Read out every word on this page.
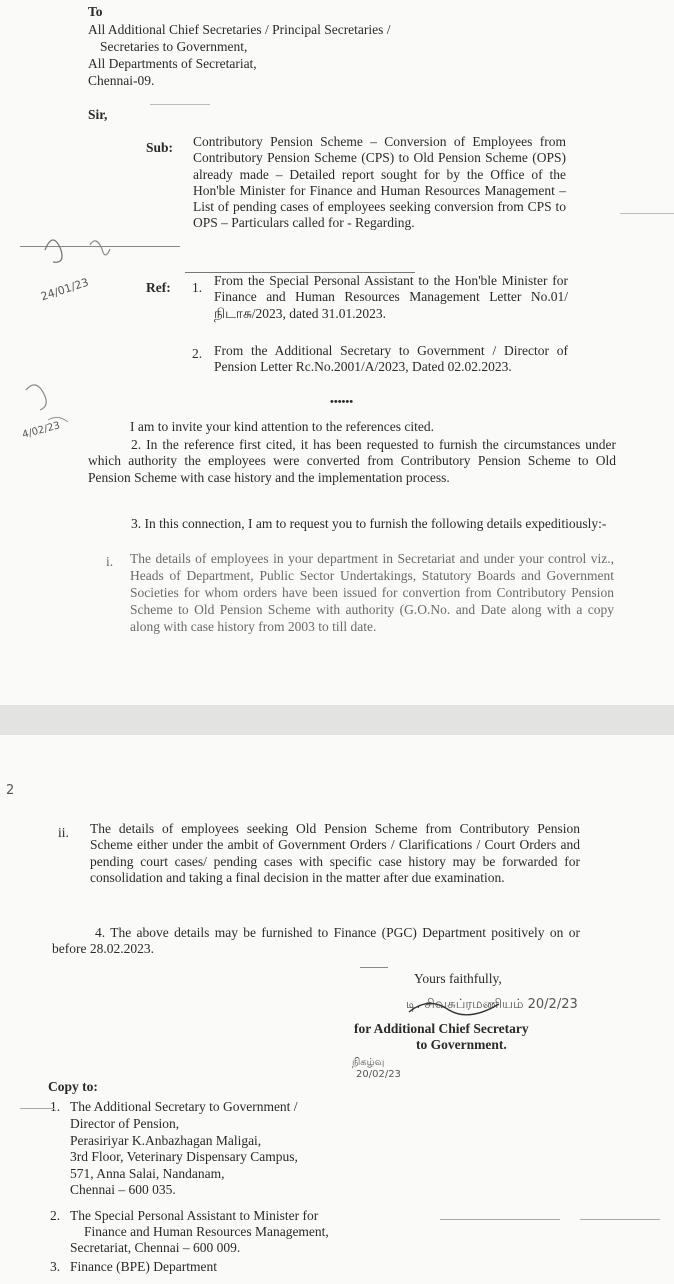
To
All Additional Chief Secretaries / Principal Secretaries /
Secretaries to Government,
All Departments of Secretariat,
Chennai-09.
Sir,
Sub: Contributory Pension Scheme – Conversion of Employees from Contributory Pension Scheme (CPS) to Old Pension Scheme (OPS) already made – Detailed report sought for by the Office of the Hon'ble Minister for Finance and Human Resources Management – List of pending cases of employees seeking conversion from CPS to OPS – Particulars called for - Regarding.
Ref: 1. From the Special Personal Assistant to the Hon'ble Minister for Finance and Human Resources Management Letter No.01/நிடாசு/2023, dated 31.01.2023.
2. From the Additional Secretary to Government / Director of Pension Letter Rc.No.2001/A/2023, Dated 02.02.2023.
••••••
I am to invite your kind attention to the references cited.
2. In the reference first cited, it has been requested to furnish the circumstances under which authority the employees were converted from Contributory Pension Scheme to Old Pension Scheme with case history and the implementation process.
3. In this connection, I am to request you to furnish the following details expeditiously:-
i. The details of employees in your department in Secretariat and under your control viz., Heads of Department, Public Sector Undertakings, Statutory Boards and Government Societies for whom orders have been issued for convertion from Contributory Pension Scheme to Old Pension Scheme with authority (G.O.No. and Date along with a copy along with case history from 2003 to till date.
24/01/23
4/02/23
2
ii. The details of employees seeking Old Pension Scheme from Contributory Pension Scheme either under the ambit of Government Orders / Clarifications / Court Orders and pending court cases/ pending cases with specific case history may be forwarded for consolidation and taking a final decision in the matter after due examination.
4. The above details may be furnished to Finance (PGC) Department positively on or before 28.02.2023.
Yours faithfully,
டி. சிவசுப்ரமணியம் 20/2/23
for Additional Chief Secretary
to Government.
நிகழ்வு
20/02/23
Copy to:
1. The Additional Secretary to Government /
Director of Pension,
Perasiriyar K.Anbazhagan Maligai,
3rd Floor, Veterinary Dispensary Campus,
571, Anna Salai, Nandanam,
Chennai – 600 035.
2. The Special Personal Assistant to Minister for
Finance and Human Resources Management,
Secretariat, Chennai – 600 009.
3. Finance (BPE) Department
